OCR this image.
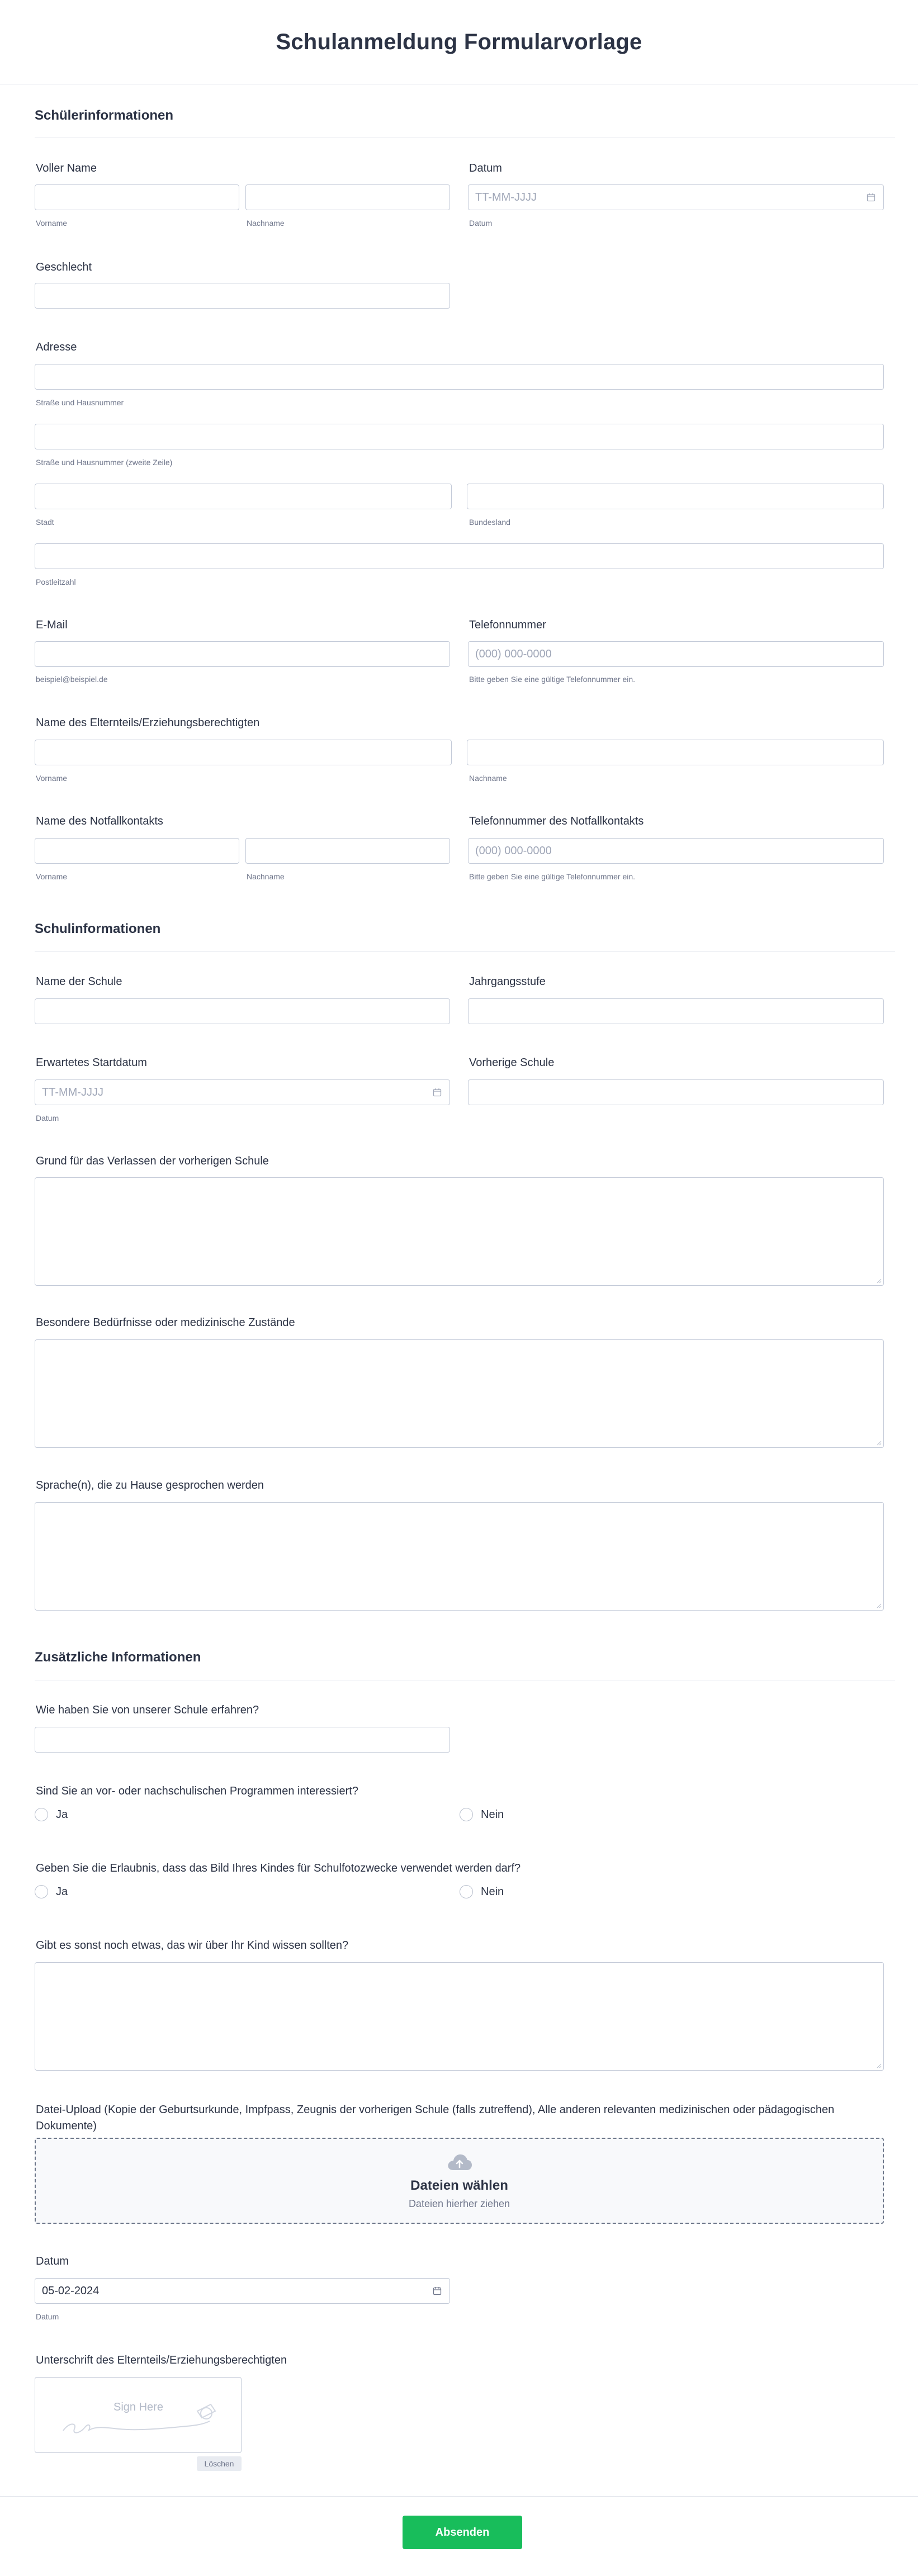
Schulanmeldung Formularvorlage
Schülerinformationen
Voller Name
Vorname	Nachname
Datum
TT-MM-JJJJ
Datum
Geschlecht
Adresse
Straße und Hausnummer
Straße und Hausnummer (zweite Zeile)
Stadt	Bundesland
Postleitzahl
E-Mail
beispiel@beispiel.de
Telefonnummer
(000) 000-0000
Bitte geben Sie eine gültige Telefonnummer ein.
Name des Elternteils/Erziehungsberechtigten
Vorname	Nachname
Name des Notfallkontakts
Vorname	Nachname
Telefonnummer des Notfallkontakts
(000) 000-0000
Bitte geben Sie eine gültige Telefonnummer ein.
Schulinformationen
Name der Schule	Jahrgangsstufe
Erwartetes Startdatum
TT-MM-JJJJ
Datum
Vorherige Schule
Grund für das Verlassen der vorherigen Schule
Besondere Bedürfnisse oder medizinische Zustände
Sprache(n), die zu Hause gesprochen werden
Zusätzliche Informationen
Wie haben Sie von unserer Schule erfahren?
Sind Sie an vor- oder nachschulischen Programmen interessiert?
Ja	Nein
Geben Sie die Erlaubnis, dass das Bild Ihres Kindes für Schulfotozwecke verwendet werden darf?
Ja	Nein
Gibt es sonst noch etwas, das wir über Ihr Kind wissen sollten?
Datei-Upload (Kopie der Geburtsurkunde, Impfpass, Zeugnis der vorherigen Schule (falls zutreffend), Alle anderen relevanten medizinischen oder pädagogischen Dokumente)
Dateien wählen
Dateien hierher ziehen
Datum
05-02-2024
Datum
Unterschrift des Elternteils/Erziehungsberechtigten
Sign Here
Löschen
Absenden
